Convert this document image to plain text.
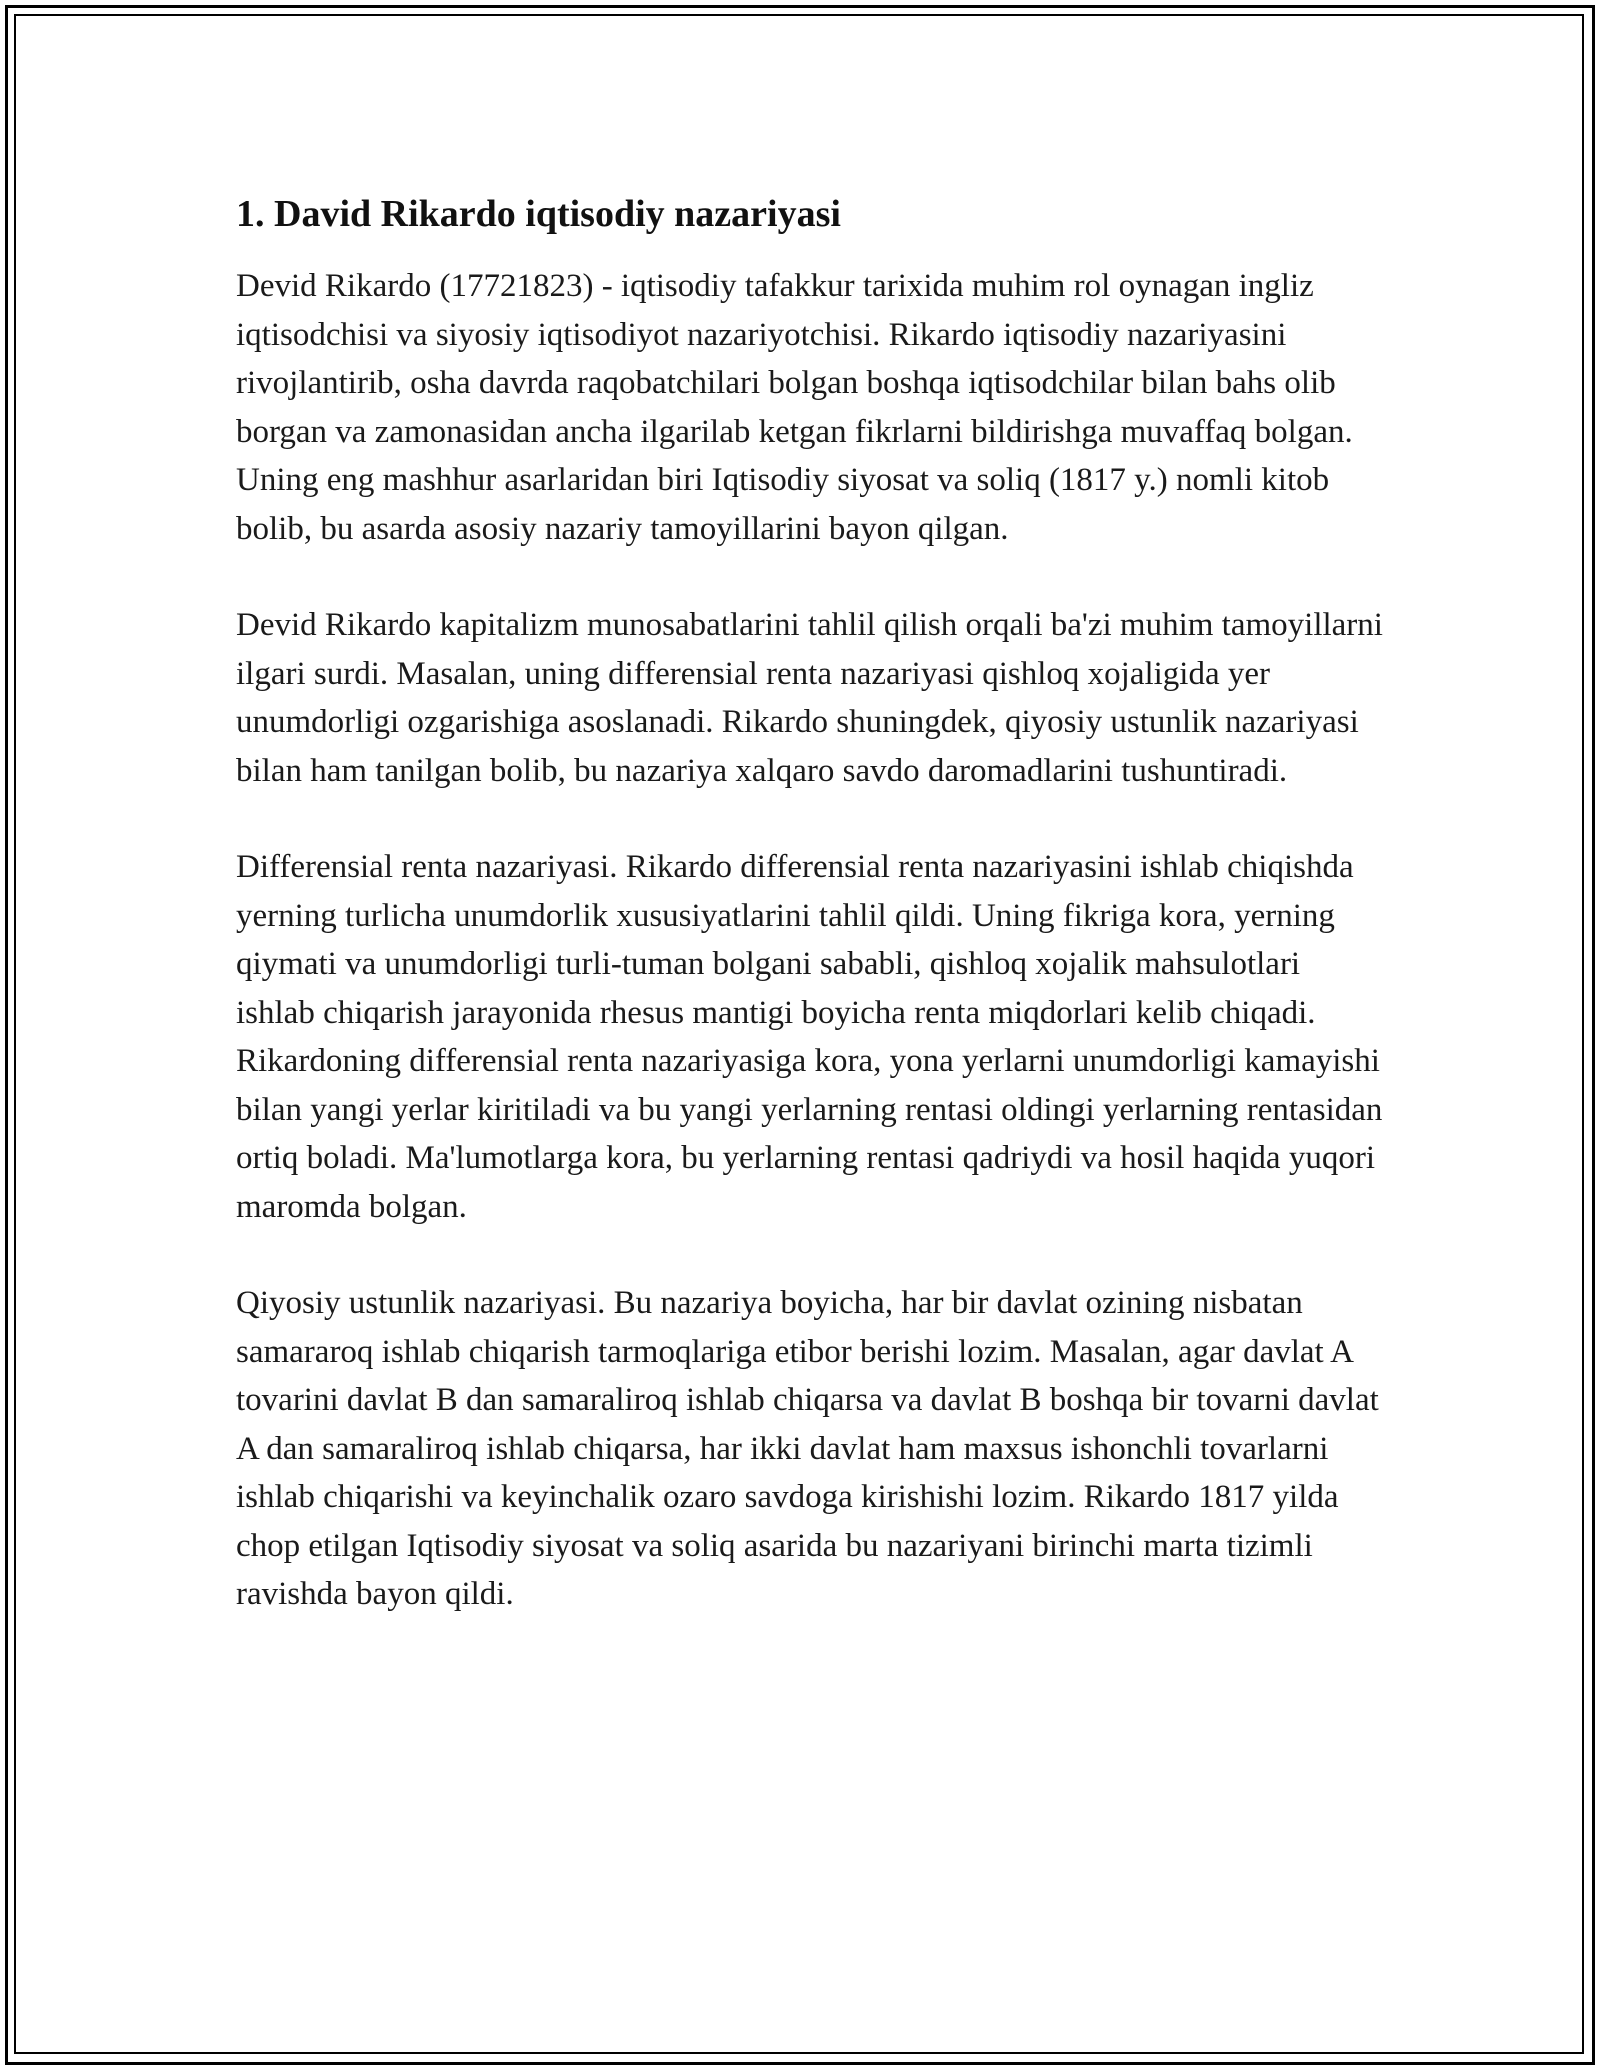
1. David Rikardo iqtisodiy nazariyasi

Devid Rikardo (17721823) - iqtisodiy tafakkur tarixida muhim rol oynagan ingliz iqtisodchisi va siyosiy iqtisodiyot nazariyotchisi. Rikardo iqtisodiy nazariyasini rivojlantirib, osha davrda raqobatchilari bolgan boshqa iqtisodchilar bilan bahs olib borgan va zamonasidan ancha ilgarilab ketgan fikrlarni bildirishga muvaffaq bolgan. Uning eng mashhur asarlaridan biri Iqtisodiy siyosat va soliq (1817 y.) nomli kitob bolib, bu asarda asosiy nazariy tamoyillarini bayon qilgan.

Devid Rikardo kapitalizm munosabatlarini tahlil qilish orqali ba'zi muhim tamoyillarni ilgari surdi. Masalan, uning differensial renta nazariyasi qishloq xojaligida yer unumdorligi ozgarishiga asoslanadi. Rikardo shuningdek, qiyosiy ustunlik nazariyasi bilan ham tanilgan bolib, bu nazariya xalqaro savdo daromadlarini tushuntiradi.

Differensial renta nazariyasi. Rikardo differensial renta nazariyasini ishlab chiqishda yerning turlicha unumdorlik xususiyatlarini tahlil qildi. Uning fikriga kora, yerning qiymati va unumdorligi turli-tuman bolgani sababli, qishloq xojalik mahsulotlari ishlab chiqarish jarayonida rhesus mantigi boyicha renta miqdorlari kelib chiqadi. Rikardoning differensial renta nazariyasiga kora, yona yerlarni unumdorligi kamayishi bilan yangi yerlar kiritiladi va bu yangi yerlarning rentasi oldingi yerlarning rentasidan ortiq boladi. Ma'lumotlarga kora, bu yerlarning rentasi qadriydi va hosil haqida yuqori maromda bolgan.

Qiyosiy ustunlik nazariyasi. Bu nazariya boyicha, har bir davlat ozining nisbatan samararoq ishlab chiqarish tarmoqlariga etibor berishi lozim. Masalan, agar davlat A tovarini davlat B dan samaraliroq ishlab chiqarsa va davlat B boshqa bir tovarni davlat A dan samaraliroq ishlab chiqarsa, har ikki davlat ham maxsus ishonchli tovarlarni ishlab chiqarishi va keyinchalik ozaro savdoga kirishishi lozim. Rikardo 1817 yilda chop etilgan Iqtisodiy siyosat va soliq asarida bu nazariyani birinchi marta tizimli ravishda bayon qildi.
